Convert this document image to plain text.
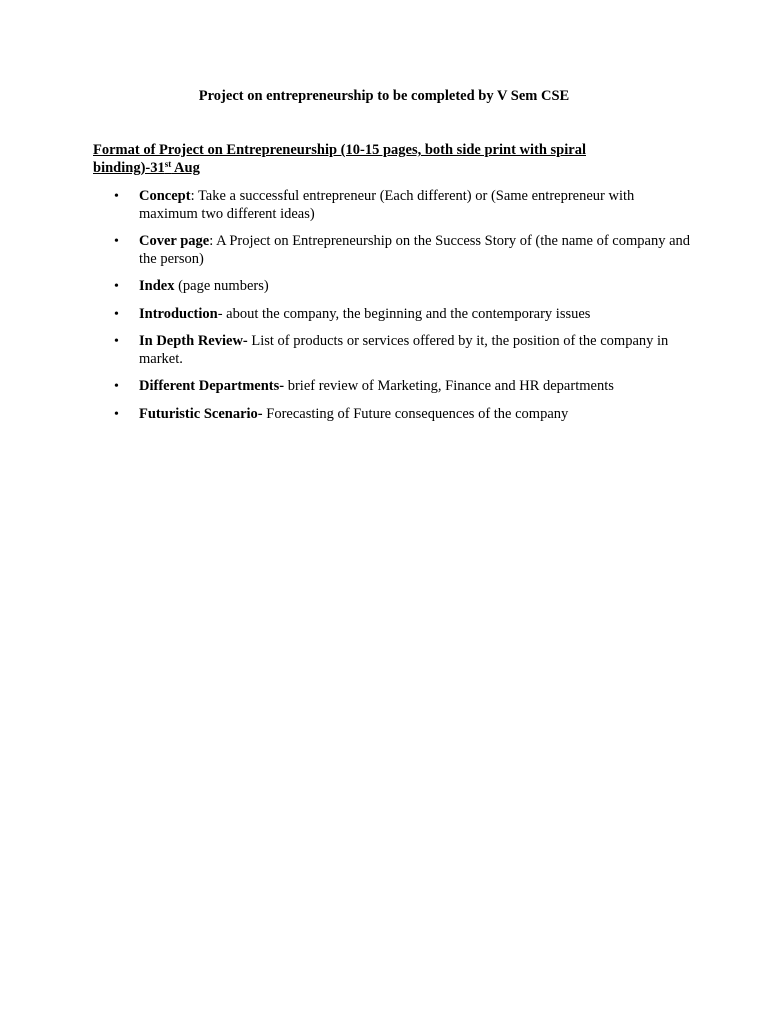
Project on entrepreneurship to be completed by V Sem CSE
Format of Project on Entrepreneurship (10-15 pages, both side print with spiral binding)-31st Aug
•	Concept: Take a successful entrepreneur (Each different) or (Same entrepreneur with maximum two different ideas)
•	Cover page: A Project on Entrepreneurship on the Success Story of (the name of company and the person)
•	Index (page numbers)
•	Introduction- about the company, the beginning and the contemporary issues
•	In Depth Review- List of products or services offered by it, the position of the company in market.
•	Different Departments- brief review of Marketing, Finance and HR departments
•	Futuristic Scenario- Forecasting of Future consequences of the company
